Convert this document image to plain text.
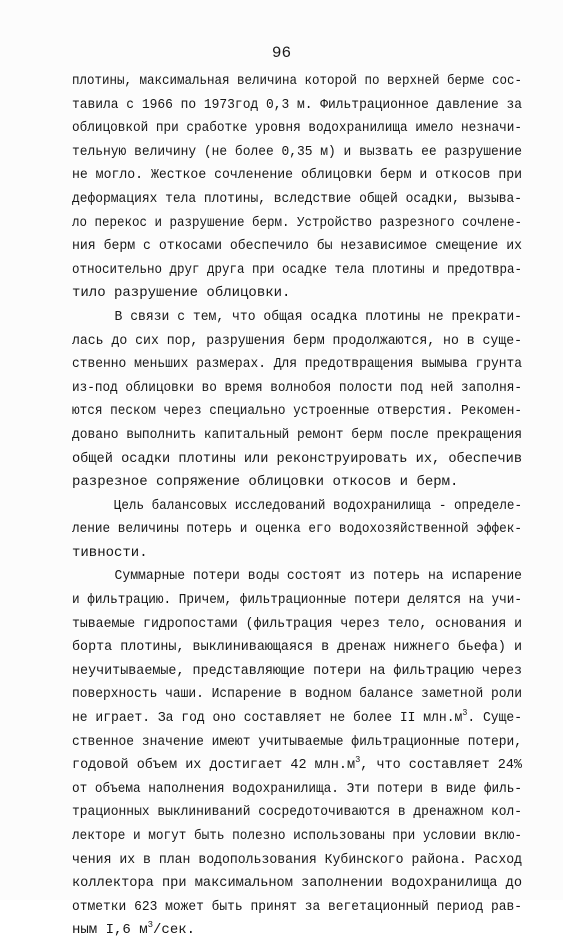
96
плотины, максимальная величина которой по верхней берме сос-
тавила с 1966 по 1973год 0,3 м. Фильтрационное давление за
облицовкой при сработке уровня водохранилища имело незначи-
тельную величину (не более 0,35 м) и вызвать ее разрушение
не могло. Жесткое сочленение облицовки берм и откосов при
деформациях тела плотины, вследствие общей осадки, вызыва-
ло перекос и разрушение берм. Устройство разрезного сочлене-
ния берм с откосами обеспечило бы независимое смещение их
относительно друг друга при осадке тела плотины и предотвра-
тило разрушение облицовки.
В связи с тем, что общая осадка плотины не прекрати-
лась до сих пор, разрушения берм продолжаются, но в суще-
ственно меньших размерах. Для предотвращения вымыва грунта
из-под облицовки во время волнобоя полости под ней заполня-
ются песком через специально устроенные отверстия. Рекомен-
довано выполнить капитальный ремонт берм после прекращения
общей осадки плотины или реконструировать их, обеспечив
разрезное сопряжение облицовки откосов и берм.
Цель балансовых исследований водохранилища - определе-
ление величины потерь и оценка его водохозяйственной эффек-
тивности.
Суммарные потери воды состоят из потерь на испарение
и фильтрацию. Причем, фильтрационные потери делятся на учи-
тываемые гидропостами (фильтрация через тело, основания и
борта плотины, выклинивающаяся в дренаж нижнего бьефа) и
неучитываемые, представляющие потери на фильтрацию через
поверхность чаши. Испарение в водном балансе заметной роли
не играет. За год оно составляет не более II $млн.м^3$. Суще-
ственное значение имеют учитываемые фильтрационные потери,
годовой объем их достигает 42 $млн.м^3$, что составляет 24%
от объема наполнения водохранилища. Эти потери в виде филь-
трационных выклиниваний сосредоточиваются в дренажном кол-
лекторе и могут быть полезно использованы при условии вклю-
чения их в план водопользования Кубинского района. Расход
коллектора при максимальном заполнении водохранилища до
отметки 623 может быть принят за вегетационный период рав-
ным I,6 $м^3$/сек.
